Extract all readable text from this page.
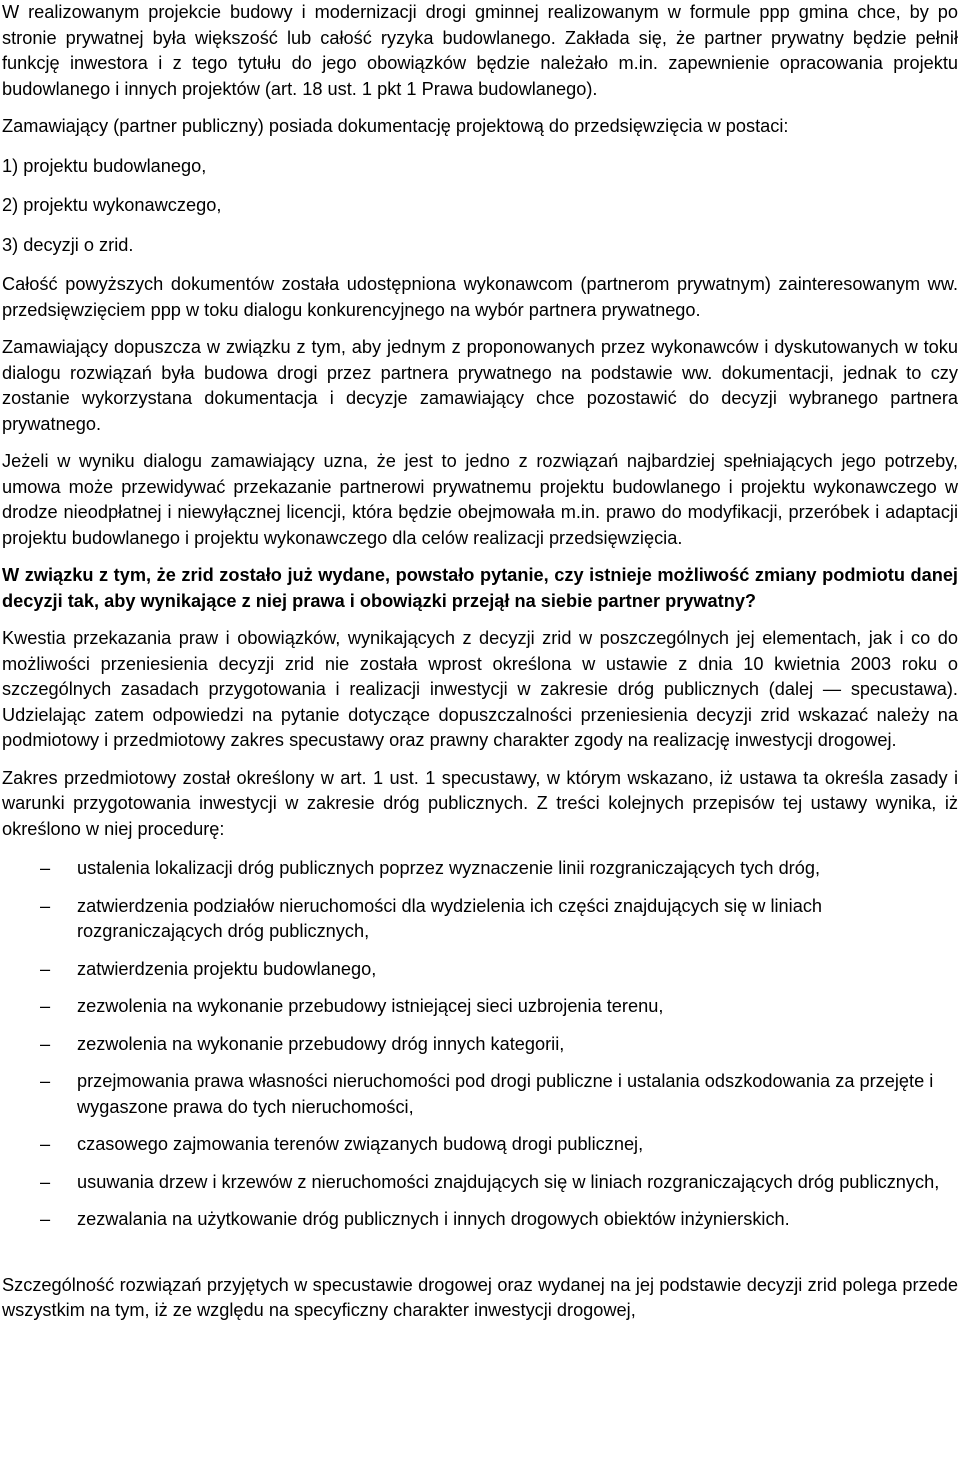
W realizowanym projekcie budowy i modernizacji drogi gminnej realizowanym w formule ppp gmina chce, by po stronie prywatnej była większość lub całość ryzyka budowlanego. Zakłada się, że partner prywatny będzie pełnił funkcję inwestora i z tego tytułu do jego obowiązków będzie należało m.in. zapewnienie opracowania projektu budowlanego i innych projektów (art. 18 ust. 1 pkt 1 Prawa budowlanego).

Zamawiający (partner publiczny) posiada dokumentację projektową do przedsięwzięcia w postaci:

1) projektu budowlanego,

2) projektu wykonawczego,

3) decyzji o zrid.

Całość powyższych dokumentów została udostępniona wykonawcom (partnerom prywatnym) zainteresowanym ww. przedsięwzięciem ppp w toku dialogu konkurencyjnego na wybór partnera prywatnego.

Zamawiający dopuszcza w związku z tym, aby jednym z proponowanych przez wykonawców i dyskutowanych w toku dialogu rozwiązań była budowa drogi przez partnera prywatnego na podstawie ww. dokumentacji, jednak to czy zostanie wykorzystana dokumentacja i decyzje zamawiający chce pozostawić do decyzji wybranego partnera prywatnego.

Jeżeli w wyniku dialogu zamawiający uzna, że jest to jedno z rozwiązań najbardziej spełniających jego potrzeby, umowa może przewidywać przekazanie partnerowi prywatnemu projektu budowlanego i projektu wykonawczego w drodze nieodpłatnej i niewyłącznej licencji, która będzie obejmowała m.in. prawo do modyfikacji, przeróbek i adaptacji projektu budowlanego i projektu wykonawczego dla celów realizacji przedsięwzięcia.

W związku z tym, że zrid zostało już wydane, powstało pytanie, czy istnieje możliwość zmiany podmiotu danej decyzji tak, aby wynikające z niej prawa i obowiązki przejął na siebie partner prywatny?

Kwestia przekazania praw i obowiązków, wynikających z decyzji zrid w poszczególnych jej elementach, jak i co do możliwości przeniesienia decyzji zrid nie została wprost określona w ustawie z dnia 10 kwietnia 2003 roku o szczególnych zasadach przygotowania i realizacji inwestycji w zakresie dróg publicznych (dalej — specustawa). Udzielając zatem odpowiedzi na pytanie dotyczące dopuszczalności przeniesienia decyzji zrid wskazać należy na podmiotowy i przedmiotowy zakres specustawy oraz prawny charakter zgody na realizację inwestycji drogowej.

Zakres przedmiotowy został określony w art. 1 ust. 1 specustawy, w którym wskazano, iż ustawa ta określa zasady i warunki przygotowania inwestycji w zakresie dróg publicznych. Z treści kolejnych przepisów tej ustawy wynika, iż określono w niej procedurę:

– ustalenia lokalizacji dróg publicznych poprzez wyznaczenie linii rozgraniczających tych dróg,
– zatwierdzenia podziałów nieruchomości dla wydzielenia ich części znajdujących się w liniach rozgraniczających dróg publicznych,
– zatwierdzenia projektu budowlanego,
– zezwolenia na wykonanie przebudowy istniejącej sieci uzbrojenia terenu,
– zezwolenia na wykonanie przebudowy dróg innych kategorii,
– przejmowania prawa własności nieruchomości pod drogi publiczne i ustalania odszkodowania za przejęte i wygaszone prawa do tych nieruchomości,
– czasowego zajmowania terenów związanych budową drogi publicznej,
– usuwania drzew i krzewów z nieruchomości znajdujących się w liniach rozgraniczających dróg publicznych,
– zezwalania na użytkowanie dróg publicznych i innych drogowych obiektów inżynierskich.

Szczególność rozwiązań przyjętych w specustawie drogowej oraz wydanej na jej podstawie decyzji zrid polega przede wszystkim na tym, iż ze względu na specyficzny charakter inwestycji drogowej,
